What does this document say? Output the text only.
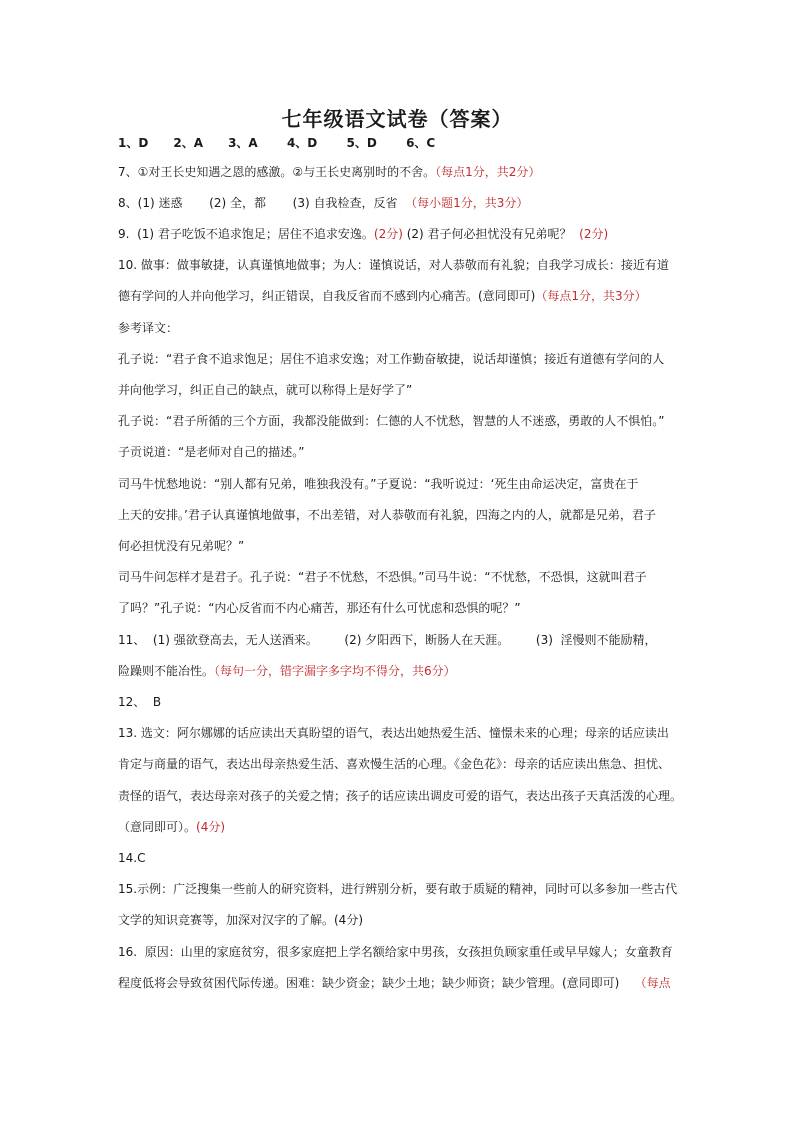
七年级语文试卷（答案）
1、D      2、A      3、A       4、D       5、D       6、C
7、①对王长史知遇之恩的感激。②与王长史离别时的不舍。（每点1分，共2分）
8、(1) 迷惑       (2) 全，都       (3) 自我检查，反省  （每小题1分，共3分）
9.  (1) 君子吃饭不追求饱足；居住不追求安逸。(2分) (2) 君子何必担忧没有兄弟呢？  (2分)
10. 做事：做事敏捷，认真谨慎地做事；为人：谨慎说话，对人恭敬而有礼貌；自我学习成长：接近有道
德有学问的人并向他学习，纠正错误，自我反省而不感到内心痛苦。(意同即可)（每点1分，共3分）
参考译文：
孔子说：“君子食不追求饱足；居住不追求安逸；对工作勤奋敏捷，说话却谨慎；接近有道德有学问的人
并向他学习，纠正自己的缺点，就可以称得上是好学了”
孔子说：“君子所循的三个方面，我都没能做到：仁德的人不忧愁，智慧的人不迷惑，勇敢的人不惧怕。”
子贡说道：“是老师对自己的描述。”
司马牛忧愁地说：“别人都有兄弟，唯独我没有。”子夏说：“我听说过：‘死生由命运决定，富贵在于
上天的安排。’君子认真谨慎地做事，不出差错，对人恭敬而有礼貌，四海之内的人，就都是兄弟，君子
何必担忧没有兄弟呢？”
司马牛问怎样才是君子。孔子说：“君子不忧愁，不恐惧。”司马牛说：“不忧愁，不恐惧，这就叫君子
了吗？”孔子说：“内心反省而不内心痛苦，那还有什么可忧虑和恐惧的呢？”
11、  (1) 强欲登高去，无人送酒来。       (2) 夕阳西下，断肠人在天涯。       (3)  淫慢则不能励精，
险躁则不能冶性。（每句一分，错字漏字多字均不得分，共6分）
12、  B
13. 选文：阿尔娜娜的话应读出天真盼望的语气，表达出她热爱生活、憧憬未来的心理；母亲的话应读出
肯定与商量的语气，表达出母亲热爱生活、喜欢慢生活的心理。《金色花》：母亲的话应读出焦急、担忧、
责怪的语气，表达母亲对孩子的关爱之情；孩子的话应读出调皮可爱的语气，表达出孩子天真活泼的心理。
（意同即可）。(4分)
14.C
15.示例：广泛搜集一些前人的研究资料，进行辨别分析，要有敢于质疑的精神，同时可以多参加一些古代
文学的知识竞赛等，加深对汉字的了解。(4分)
16.  原因：山里的家庭贫穷，很多家庭把上学名额给家中男孩，女孩担负顾家重任或早早嫁人；女童教育
程度低将会导致贫困代际传递。困难：缺少资金；缺少土地；缺少师资；缺少管理。(意同即可)    （每点
